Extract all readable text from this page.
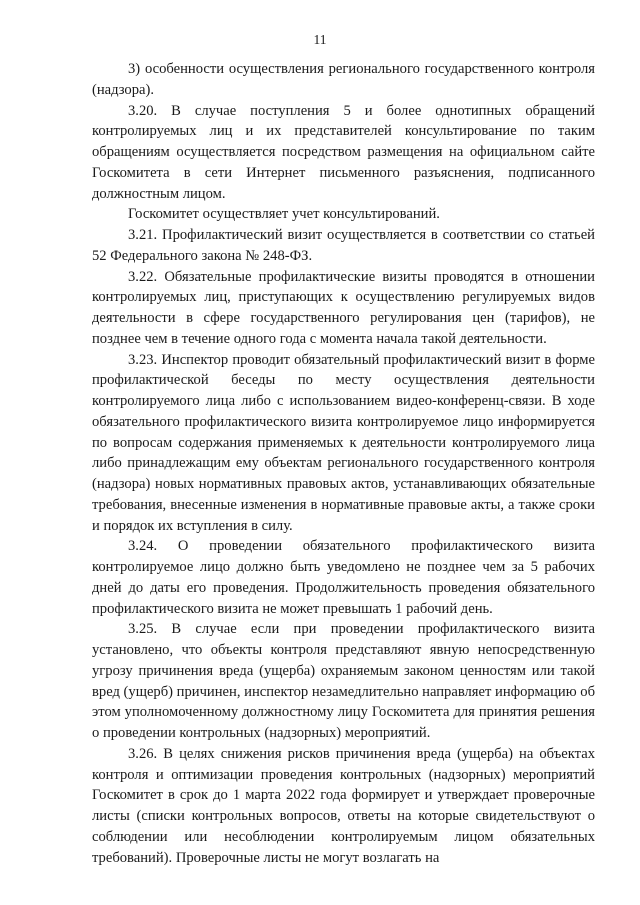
11

3) особенности осуществления регионального государственного контроля (надзора).

3.20. В случае поступления 5 и более однотипных обращений контролируемых лиц и их представителей консультирование по таким обращениям осуществляется посредством размещения на официальном сайте Госкомитета в сети Интернет письменного разъяснения, подписанного должностным лицом.

Госкомитет осуществляет учет консультирований.

3.21. Профилактический визит осуществляется в соответствии со статьей 52 Федерального закона № 248-ФЗ.

3.22. Обязательные профилактические визиты проводятся в отношении контролируемых лиц, приступающих к осуществлению регулируемых видов деятельности в сфере государственного регулирования цен (тарифов), не позднее чем в течение одного года с момента начала такой деятельности.

3.23. Инспектор проводит обязательный профилактический визит в форме профилактической беседы по месту осуществления деятельности контролируемого лица либо с использованием видео-конференц-связи. В ходе обязательного профилактического визита контролируемое лицо информируется по вопросам содержания применяемых к деятельности контролируемого лица либо принадлежащим ему объектам регионального государственного контроля (надзора) новых нормативных правовых актов, устанавливающих обязательные требования, внесенные изменения в нормативные правовые акты, а также сроки и порядок их вступления в силу.

3.24. О проведении обязательного профилактического визита контролируемое лицо должно быть уведомлено не позднее чем за 5 рабочих дней до даты его проведения. Продолжительность проведения обязательного профилактического визита не может превышать 1 рабочий день.

3.25. В случае если при проведении профилактического визита установлено, что объекты контроля представляют явную непосредственную угрозу причинения вреда (ущерба) охраняемым законом ценностям или такой вред (ущерб) причинен, инспектор незамедлительно направляет информацию об этом уполномоченному должностному лицу Госкомитета для принятия решения о проведении контрольных (надзорных) мероприятий.

3.26. В целях снижения рисков причинения вреда (ущерба) на объектах контроля и оптимизации проведения контрольных (надзорных) мероприятий Госкомитет в срок до 1 марта 2022 года формирует и утверждает проверочные листы (списки контрольных вопросов, ответы на которые свидетельствуют о соблюдении или несоблюдении контролируемым лицом обязательных требований). Проверочные листы не могут возлагать на
